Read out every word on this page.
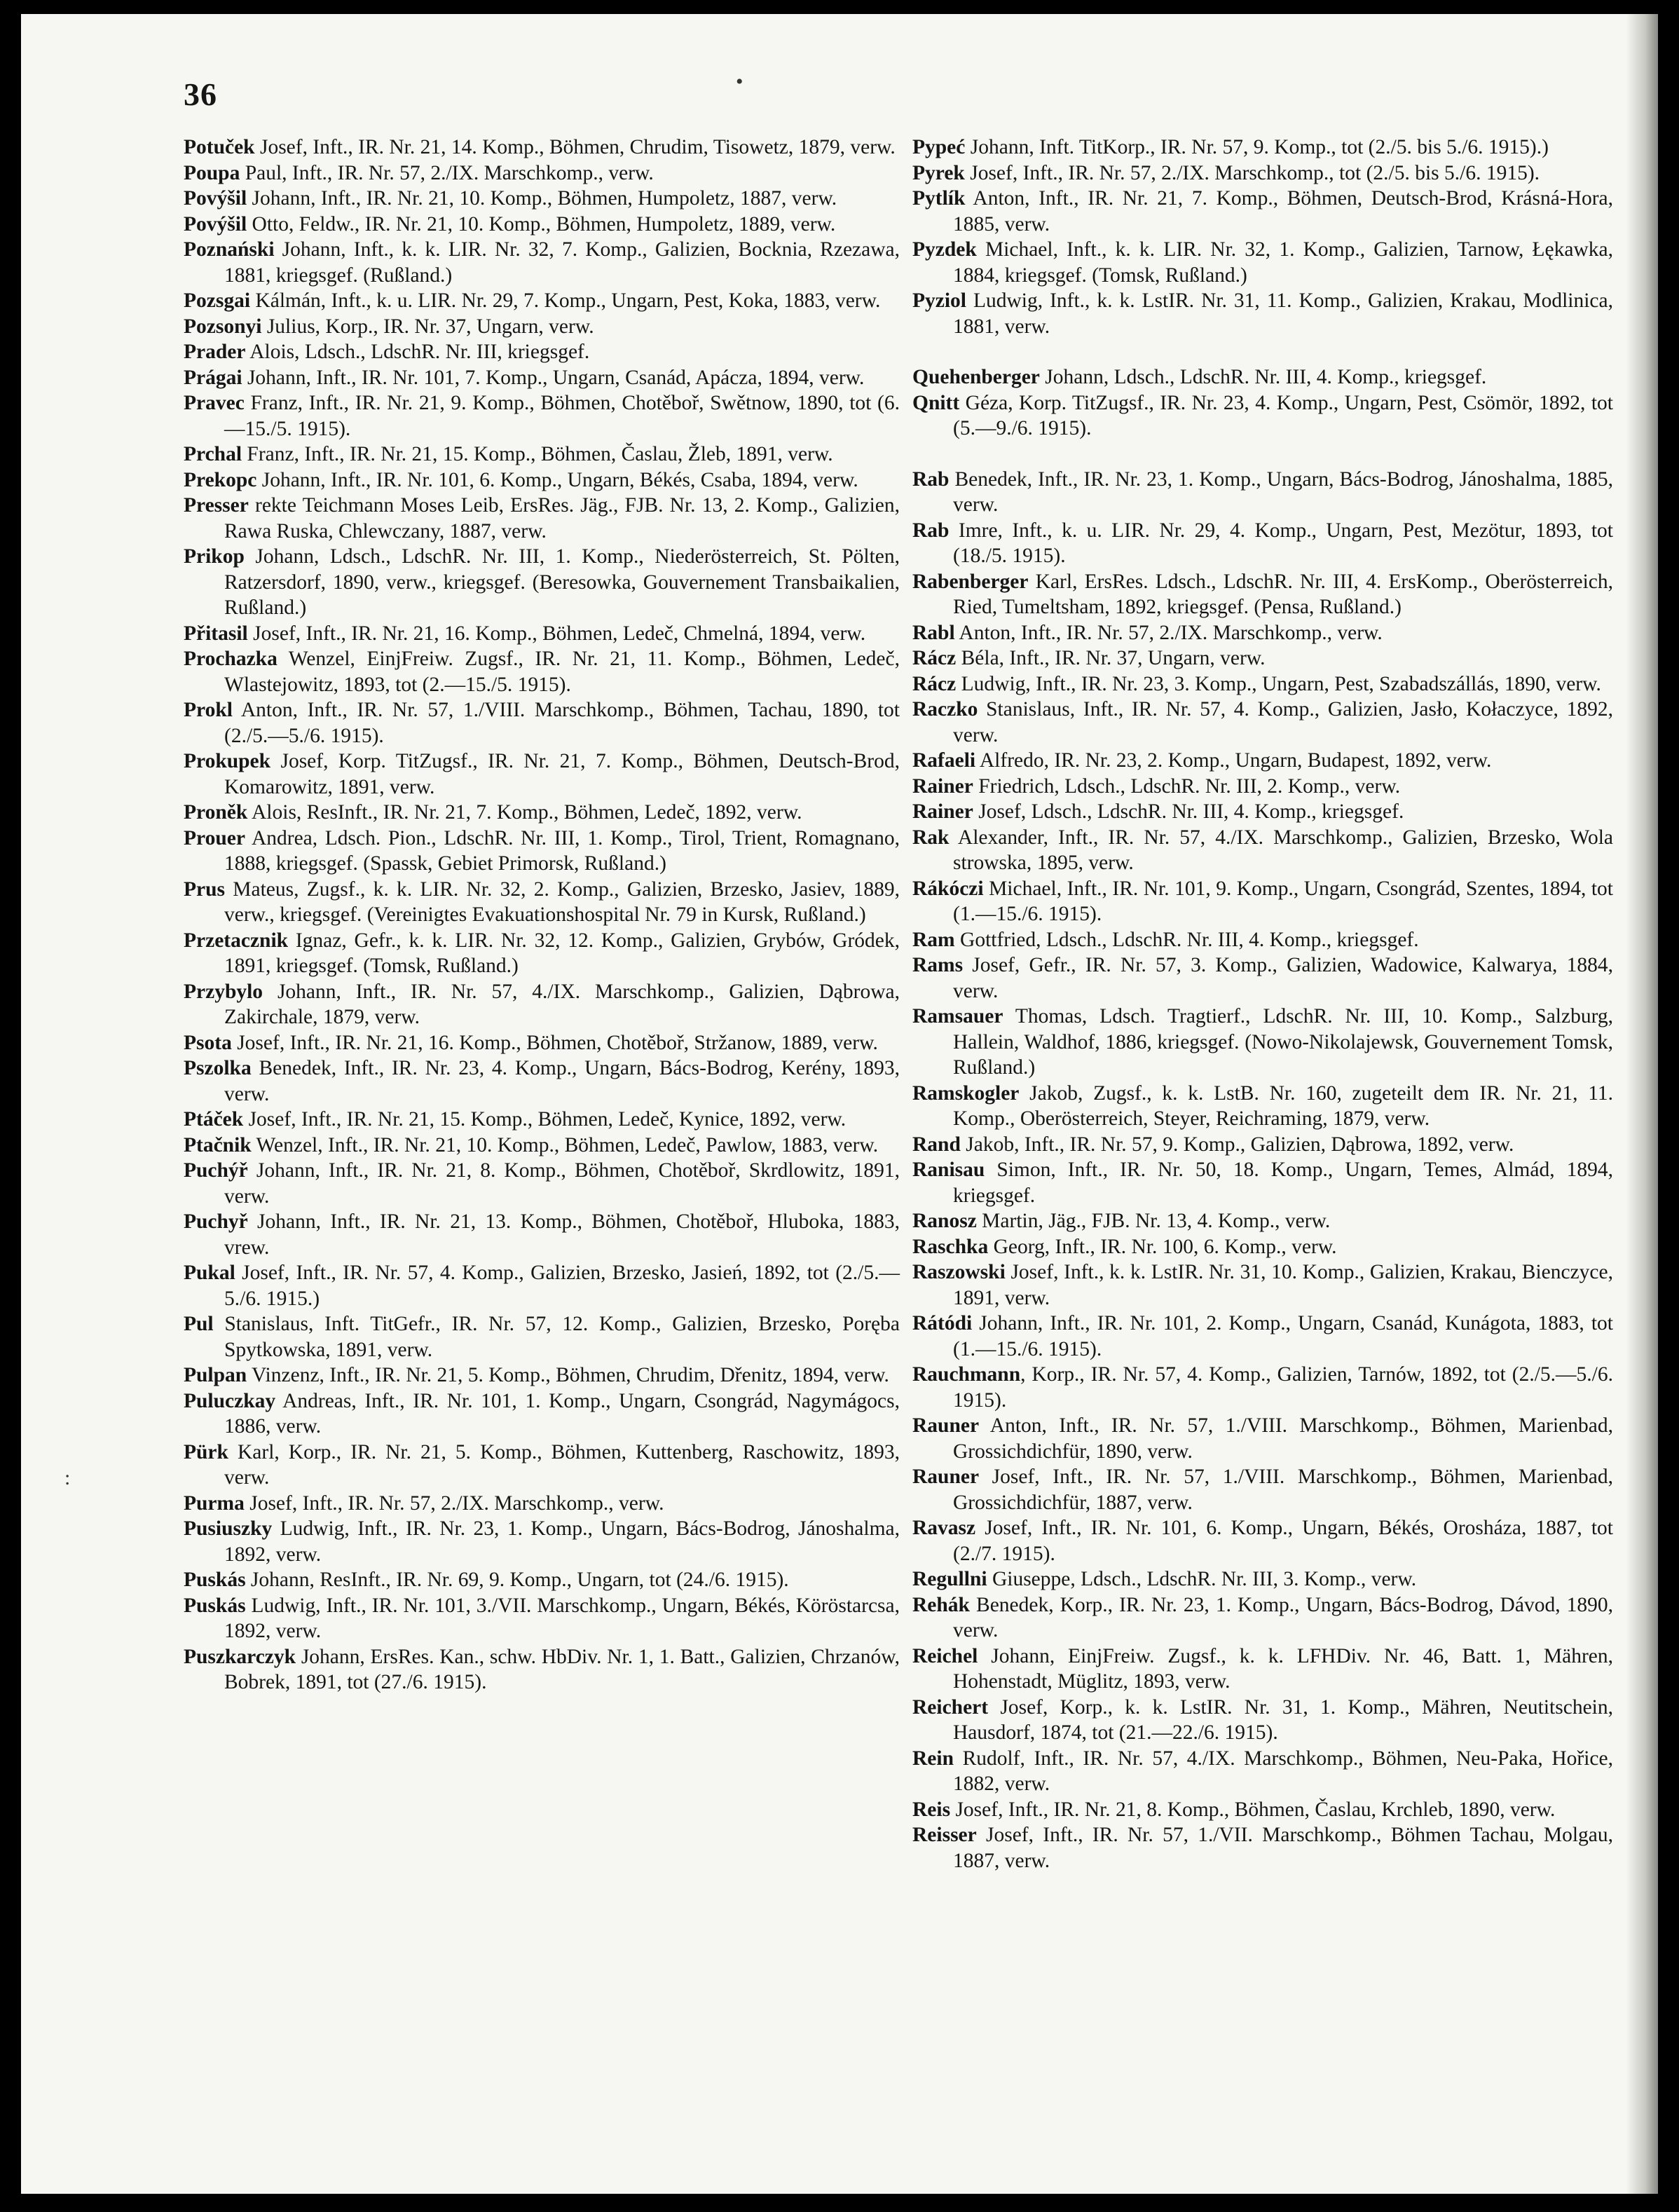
36	•
:

Potuček Josef, Inft., IR. Nr. 21, 14. Komp., Böhmen, Chrudim, Tisowetz, 1879, verw.

Poupa Paul, Inft., IR. Nr. 57, 2./IX. Marschkomp., verw.

Povýšil Johann, Inft., IR. Nr. 21, 10. Komp., Böhmen, Humpoletz, 1887, verw.

Povýšil Otto, Feldw., IR. Nr. 21, 10. Komp., Böhmen, Humpoletz, 1889, verw.

Poznański Johann, Inft., k. k. LIR. Nr. 32, 7. Komp., Galizien, Bocknia, Rzezawa, 1881, kriegsgef. (Rußland.)

Pozsgai Kálmán, Inft., k. u. LIR. Nr. 29, 7. Komp., Ungarn, Pest, Koka, 1883, verw.

Pozsonyi Julius, Korp., IR. Nr. 37, Ungarn, verw.

Prader Alois, Ldsch., LdschR. Nr. III, kriegsgef.

Prágai Johann, Inft., IR. Nr. 101, 7. Komp., Ungarn, Csanád, Apácza, 1894, verw.

Pravec Franz, Inft., IR. Nr. 21, 9. Komp., Böhmen, Chotěboř, Swětnow, 1890, tot (6.—15./5. 1915).

Prchal Franz, Inft., IR. Nr. 21, 15. Komp., Böhmen, Časlau, Žleb, 1891, verw.

Prekopc Johann, Inft., IR. Nr. 101, 6. Komp., Ungarn, Békés, Csaba, 1894, verw.

Presser rekte Teichmann Moses Leib, ErsRes. Jäg., FJB. Nr. 13, 2. Komp., Galizien, Rawa Ruska, Chlewczany, 1887, verw.

Prikop Johann, Ldsch., LdschR. Nr. III, 1. Komp., Niederösterreich, St. Pölten, Ratzersdorf, 1890, verw., kriegsgef. (Beresowka, Gouvernement Transbaikalien, Rußland.)

Přitasil Josef, Inft., IR. Nr. 21, 16. Komp., Böhmen, Ledeč, Chmelná, 1894, verw.

Prochazka Wenzel, EinjFreiw. Zugsf., IR. Nr. 21, 11. Komp., Böhmen, Ledeč, Wlastejowitz, 1893, tot (2.—15./5. 1915).

Prokl Anton, Inft., IR. Nr. 57, 1./VIII. Marschkomp., Böhmen, Tachau, 1890, tot (2./5.—5./6. 1915).

Prokupek Josef, Korp. TitZugsf., IR. Nr. 21, 7. Komp., Böhmen, Deutsch-Brod, Komarowitz, 1891, verw.

Proněk Alois, ResInft., IR. Nr. 21, 7. Komp., Böhmen, Ledeč, 1892, verw.

Prouer Andrea, Ldsch. Pion., LdschR. Nr. III, 1. Komp., Tirol, Trient, Romagnano, 1888, kriegsgef. (Spassk, Gebiet Primorsk, Rußland.)

Prus Mateus, Zugsf., k. k. LIR. Nr. 32, 2. Komp., Galizien, Brzesko, Jasiev, 1889, verw., kriegsgef. (Vereinigtes Evakuationshospital Nr. 79 in Kursk, Rußland.)

Przetacznik Ignaz, Gefr., k. k. LIR. Nr. 32, 12. Komp., Galizien, Grybów, Gródek, 1891, kriegsgef. (Tomsk, Rußland.)

Przybylo Johann, Inft., IR. Nr. 57, 4./IX. Marschkomp., Galizien, Dąbrowa, Zakirchale, 1879, verw.

Psota Josef, Inft., IR. Nr. 21, 16. Komp., Böhmen, Chotěboř, Stržanow, 1889, verw.

Pszolka Benedek, Inft., IR. Nr. 23, 4. Komp., Ungarn, Bács-Bodrog, Kerény, 1893, verw.

Ptáček Josef, Inft., IR. Nr. 21, 15. Komp., Böhmen, Ledeč, Kynice, 1892, verw.

Ptačnik Wenzel, Inft., IR. Nr. 21, 10. Komp., Böhmen, Ledeč, Pawlow, 1883, verw.

Puchýř Johann, Inft., IR. Nr. 21, 8. Komp., Böhmen, Chotěboř, Skrdlowitz, 1891, verw.

Puchyř Johann, Inft., IR. Nr. 21, 13. Komp., Böhmen, Chotěboř, Hluboka, 1883, vrew.

Pukal Josef, Inft., IR. Nr. 57, 4. Komp., Galizien, Brzesko, Jasień, 1892, tot (2./5.—5./6. 1915.)

Pul Stanislaus, Inft. TitGefr., IR. Nr. 57, 12. Komp., Galizien, Brzesko, Poręba Spytkowska, 1891, verw.

Pulpan Vinzenz, Inft., IR. Nr. 21, 5. Komp., Böhmen, Chrudim, Dřenitz, 1894, verw.

Puluczkay Andreas, Inft., IR. Nr. 101, 1. Komp., Ungarn, Csongrád, Nagymágocs, 1886, verw.

Pürk Karl, Korp., IR. Nr. 21, 5. Komp., Böhmen, Kuttenberg, Raschowitz, 1893, verw.

Purma Josef, Inft., IR. Nr. 57, 2./IX. Marschkomp., verw.

Pusiuszky Ludwig, Inft., IR. Nr. 23, 1. Komp., Ungarn, Bács-Bodrog, Jánoshalma, 1892, verw.

Puskás Johann, ResInft., IR. Nr. 69, 9. Komp., Ungarn, tot (24./6. 1915).

Puskás Ludwig, Inft., IR. Nr. 101, 3./VII. Marschkomp., Ungarn, Békés, Köröstarcsa, 1892, verw.

Puszkarczyk Johann, ErsRes. Kan., schw. HbDiv. Nr. 1, 1. Batt., Galizien, Chrzanów, Bobrek, 1891, tot (27./6. 1915).

Pypeć Johann, Inft. TitKorp., IR. Nr. 57, 9. Komp., tot (2./5. bis 5./6. 1915).)

Pyrek Josef, Inft., IR. Nr. 57, 2./IX. Marschkomp., tot (2./5. bis 5./6. 1915).

Pytlík Anton, Inft., IR. Nr. 21, 7. Komp., Böhmen, Deutsch-Brod, Krásná-Hora, 1885, verw.

Pyzdek Michael, Inft., k. k. LIR. Nr. 32, 1. Komp., Galizien, Tarnow, Łękawka, 1884, kriegsgef. (Tomsk, Rußland.)

Pyziol Ludwig, Inft., k. k. LstIR. Nr. 31, 11. Komp., Galizien, Krakau, Modlinica, 1881, verw.

Quehenberger Johann, Ldsch., LdschR. Nr. III, 4. Komp., kriegsgef.

Qnitt Géza, Korp. TitZugsf., IR. Nr. 23, 4. Komp., Ungarn, Pest, Csömör, 1892, tot (5.—9./6. 1915).

Rab Benedek, Inft., IR. Nr. 23, 1. Komp., Ungarn, Bács-Bodrog, Jánoshalma, 1885, verw.

Rab Imre, Inft., k. u. LIR. Nr. 29, 4. Komp., Ungarn, Pest, Mezötur, 1893, tot (18./5. 1915).

Rabenberger Karl, ErsRes. Ldsch., LdschR. Nr. III, 4. ErsKomp., Oberösterreich, Ried, Tumeltsham, 1892, kriegsgef. (Pensa, Rußland.)

Rabl Anton, Inft., IR. Nr. 57, 2./IX. Marschkomp., verw.

Rácz Béla, Inft., IR. Nr. 37, Ungarn, verw.

Rácz Ludwig, Inft., IR. Nr. 23, 3. Komp., Ungarn, Pest, Szabadszállás, 1890, verw.

Raczko Stanislaus, Inft., IR. Nr. 57, 4. Komp., Galizien, Jasło, Kołaczyce, 1892, verw.

Rafaeli Alfredo, IR. Nr. 23, 2. Komp., Ungarn, Budapest, 1892, verw.

Rainer Friedrich, Ldsch., LdschR. Nr. III, 2. Komp., verw.

Rainer Josef, Ldsch., LdschR. Nr. III, 4. Komp., kriegsgef.

Rak Alexander, Inft., IR. Nr. 57, 4./IX. Marschkomp., Galizien, Brzesko, Wola strowska, 1895, verw.

Rákóczi Michael, Inft., IR. Nr. 101, 9. Komp., Ungarn, Csongrád, Szentes, 1894, tot (1.—15./6. 1915).

Ram Gottfried, Ldsch., LdschR. Nr. III, 4. Komp., kriegsgef.

Rams Josef, Gefr., IR. Nr. 57, 3. Komp., Galizien, Wadowice, Kalwarya, 1884, verw.

Ramsauer Thomas, Ldsch. Tragtierf., LdschR. Nr. III, 10. Komp., Salzburg, Hallein, Waldhof, 1886, kriegsgef. (Nowo-Nikolajewsk, Gouvernement Tomsk, Rußland.)

Ramskogler Jakob, Zugsf., k. k. LstB. Nr. 160, zugeteilt dem IR. Nr. 21, 11. Komp., Oberösterreich, Steyer, Reichraming, 1879, verw.

Rand Jakob, Inft., IR. Nr. 57, 9. Komp., Galizien, Dąbrowa, 1892, verw.

Ranisau Simon, Inft., IR. Nr. 50, 18. Komp., Ungarn, Temes, Almád, 1894, kriegsgef.

Ranosz Martin, Jäg., FJB. Nr. 13, 4. Komp., verw.

Raschka Georg, Inft., IR. Nr. 100, 6. Komp., verw.

Raszowski Josef, Inft., k. k. LstIR. Nr. 31, 10. Komp., Galizien, Krakau, Bienczyce, 1891, verw.

Rátódi Johann, Inft., IR. Nr. 101, 2. Komp., Ungarn, Csanád, Kunágota, 1883, tot (1.—15./6. 1915).

Rauchmann, Korp., IR. Nr. 57, 4. Komp., Galizien, Tarnów, 1892, tot (2./5.—5./6. 1915).

Rauner Anton, Inft., IR. Nr. 57, 1./VIII. Marschkomp., Böhmen, Marienbad, Grossichdichfür, 1890, verw.

Rauner Josef, Inft., IR. Nr. 57, 1./VIII. Marschkomp., Böhmen, Marienbad, Grossichdichfür, 1887, verw.

Ravasz Josef, Inft., IR. Nr. 101, 6. Komp., Ungarn, Békés, Orosháza, 1887, tot (2./7. 1915).

Regullni Giuseppe, Ldsch., LdschR. Nr. III, 3. Komp., verw.

Rehák Benedek, Korp., IR. Nr. 23, 1. Komp., Ungarn, Bács-Bodrog, Dávod, 1890, verw.

Reichel Johann, EinjFreiw. Zugsf., k. k. LFHDiv. Nr. 46, Batt. 1, Mähren, Hohenstadt, Müglitz, 1893, verw.

Reichert Josef, Korp., k. k. LstIR. Nr. 31, 1. Komp., Mähren, Neutitschein, Hausdorf, 1874, tot (21.—22./6. 1915).

Rein Rudolf, Inft., IR. Nr. 57, 4./IX. Marschkomp., Böhmen, Neu-Paka, Hořice, 1882, verw.

Reis Josef, Inft., IR. Nr. 21, 8. Komp., Böhmen, Časlau, Krchleb, 1890, verw.

Reisser Josef, Inft., IR. Nr. 57, 1./VII. Marschkomp., Böhmen Tachau, Molgau, 1887, verw.
